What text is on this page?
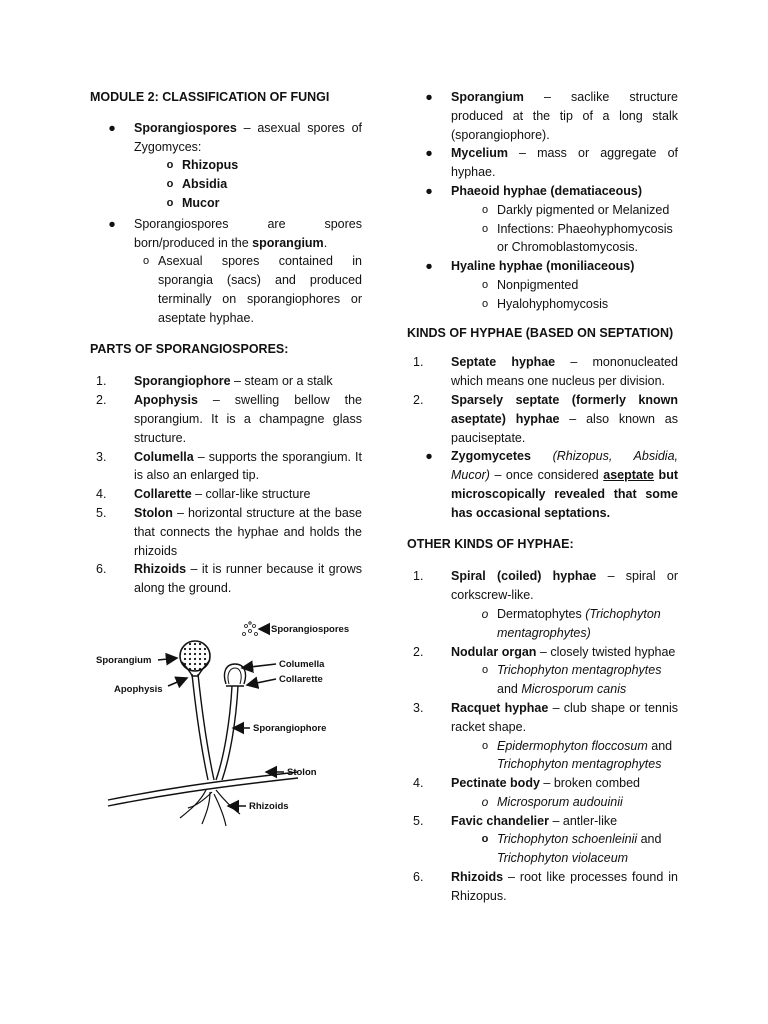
MODULE 2: CLASSIFICATION OF FUNGI

●	Sporangiospores – asexual spores of Zygomyces:
o Rhizopus
o Absidia
o Mucor
●	Sporangiospores are spores born/produced in the sporangium.
o Asexual spores contained in sporangia (sacs) and produced terminally on sporangiophores or aseptate hyphae.

PARTS OF SPORANGIOSPORES:

1.	Sporangiophore – steam or a stalk
2.	Apophysis – swelling bellow the sporangium. It is a champagne glass structure.
3.	Columella – supports the sporangium. It is also an enlarged tip.
4.	Collarette – collar-like structure
5.	Stolon – horizontal structure at the base that connects the hyphae and holds the rhizoids
6.	Rhizoids – it is runner because it grows along the ground.
Sporangiospores
Sporangium
Apophysis
Columella
Collarette
Sporangiophore
Stolon
Rhizoids
●	Sporangium – saclike structure produced at the tip of a long stalk (sporangiophore).
●	Mycelium – mass or aggregate of hyphae.
●	Phaeoid hyphae (dematiaceous)
o Darkly pigmented or Melanized
o Infections: Phaeohyphomycosis or Chromoblastomycosis.
●	Hyaline hyphae (moniliaceous)
o Nonpigmented
o Hyalohyphomycosis

KINDS OF HYPHAE (BASED ON SEPTATION)

1.	Septate hyphae – mononucleated which means one nucleus per division.
2.	Sparsely septate (formerly known aseptate) hyphae – also known as pauciseptate.
●	Zygomycetes (Rhizopus, Absidia, Mucor) – once considered aseptate but microscopically revealed that some has occasional septations.

OTHER KINDS OF HYPHAE:

1.	Spiral (coiled) hyphae – spiral or corkscrew-like.
o Dermatophytes (Trichophyton mentagrophytes)
2.	Nodular organ – closely twisted hyphae
o Trichophyton mentagrophytes and Microsporum canis
3.	Racquet hyphae – club shape or tennis racket shape.
o Epidermophyton floccosum and Trichophyton mentagrophytes
4.	Pectinate body – broken combed
o Microsporum audouinii
5.	Favic chandelier – antler-like
o Trichophyton schoenleinii and Trichophyton violaceum
6.	Rhizoids – root like processes found in Rhizopus.
